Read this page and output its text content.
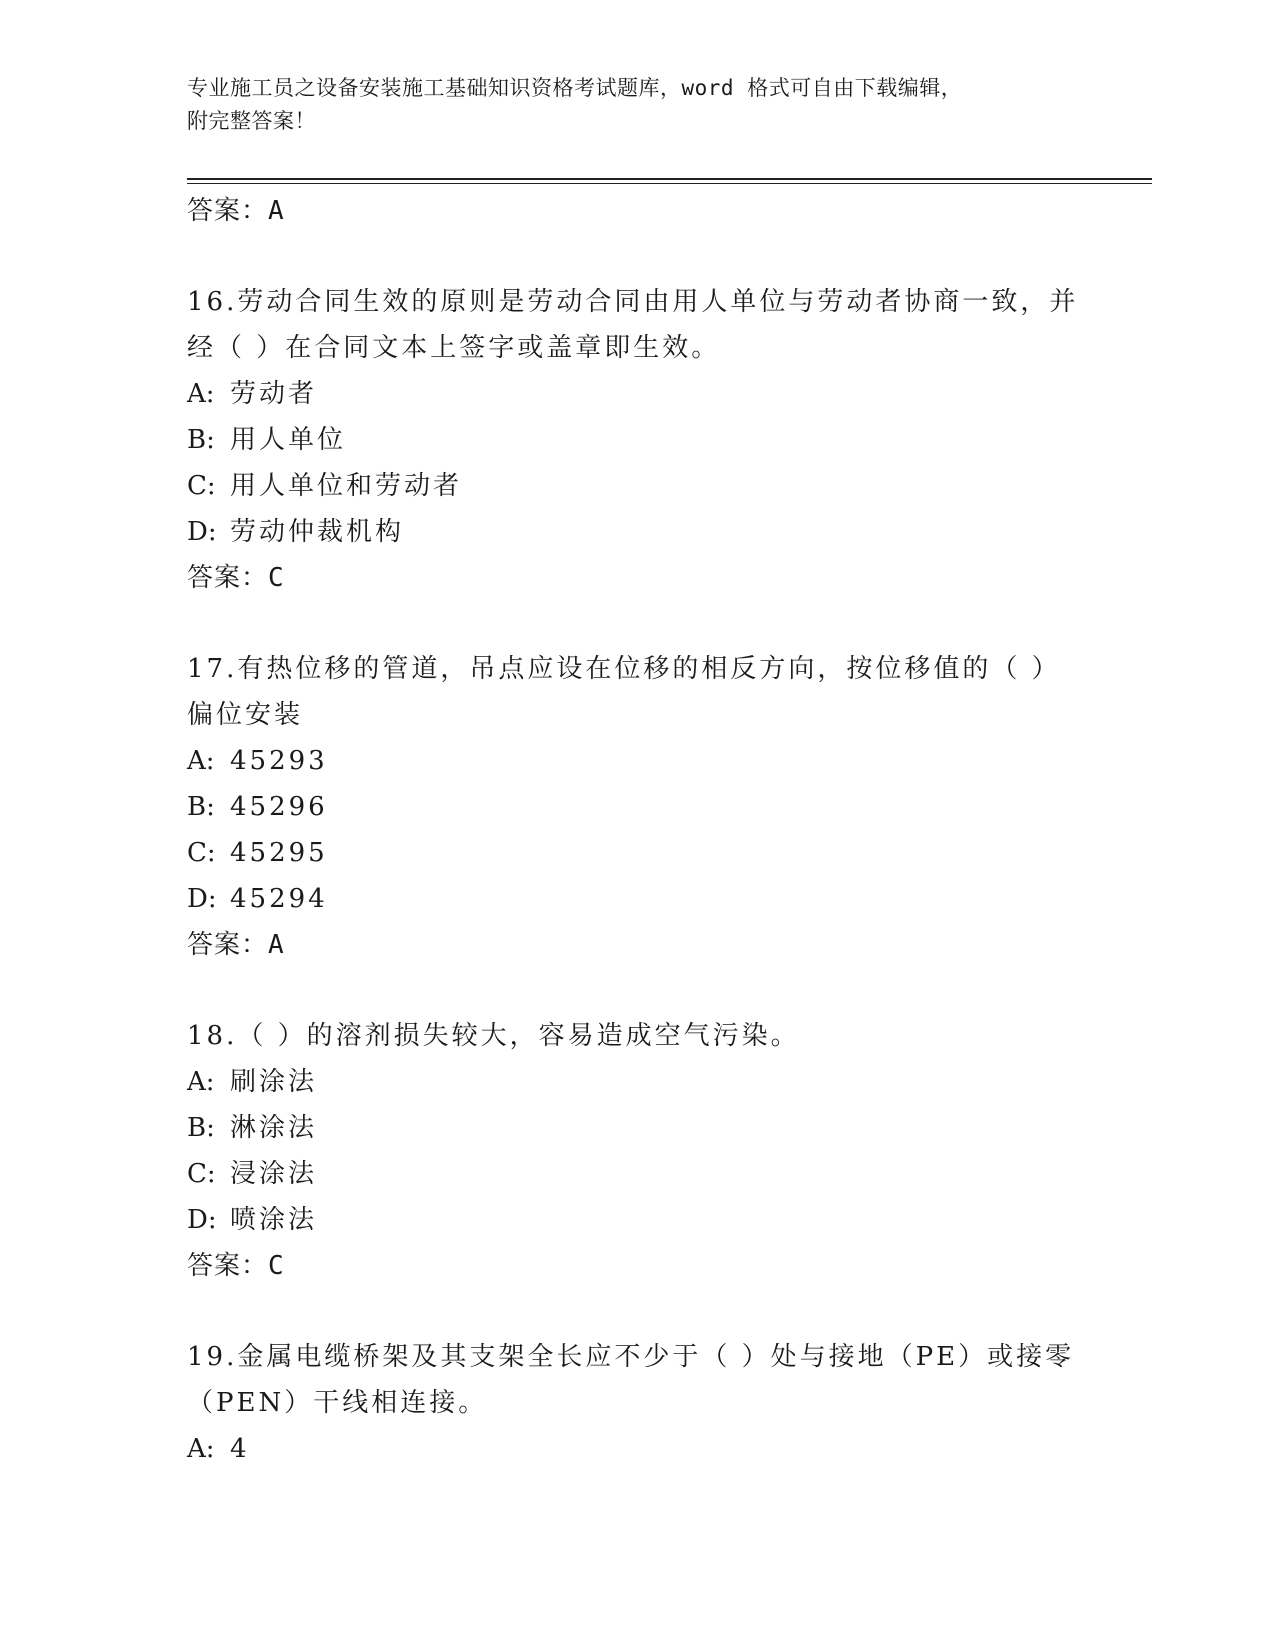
专业施工员之设备安装施工基础知识资格考试题库，word 格式可自由下载编辑，
附完整答案！
答案：A
16.劳动合同生效的原则是劳动合同由用人单位与劳动者协商一致，并经（ ）在合同文本上签字或盖章即生效。
A: 劳动者
B: 用人单位
C: 用人单位和劳动者
D: 劳动仲裁机构
答案：C
17.有热位移的管道，吊点应设在位移的相反方向，按位移值的（ ）偏位安装
A: 45293
B: 45296
C: 45295
D: 45294
答案：A
18.（ ）的溶剂损失较大，容易造成空气污染。
A: 刷涂法
B: 淋涂法
C: 浸涂法
D: 喷涂法
答案：C
19.金属电缆桥架及其支架全长应不少于（ ）处与接地（PE）或接零（PEN）干线相连接。
A: 4
